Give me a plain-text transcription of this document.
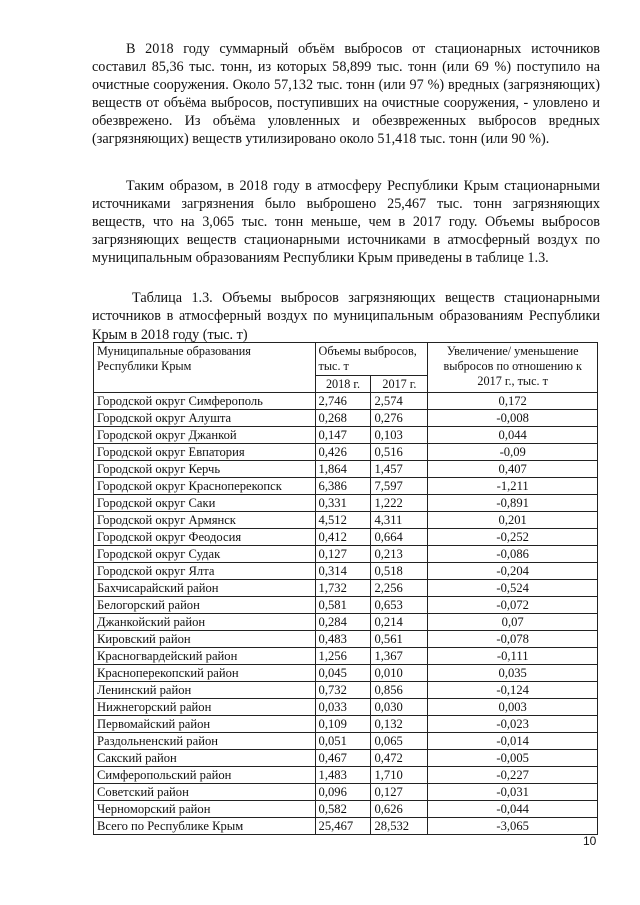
В 2018 году суммарный объём выбросов от стационарных источников составил 85,36 тыс. тонн, из которых 58,899 тыс. тонн (или 69 %) поступило на очистные сооружения. Около 57,132 тыс. тонн (или 97 %) вредных (загрязняющих) веществ от объёма выбросов, поступивших на очистные сооружения, - уловлено и обезврежено. Из объёма уловленных и обезвреженных выбросов вредных (загрязняющих) веществ утилизировано около 51,418 тыс. тонн (или 90 %).

Таким образом, в 2018 году в атмосферу Республики Крым стационарными источниками загрязнения было выброшено 25,467 тыс. тонн загрязняющих веществ, что на 3,065 тыс. тонн меньше, чем в 2017 году. Объемы выбросов загрязняющих веществ стационарными источниками в атмосферный воздух по муниципальным образованиям Республики Крым приведены в таблице 1.3.

Таблица 1.3. Объемы выбросов загрязняющих веществ стационарными источников в атмосферный воздух по муниципальным образованиям Республики Крым в 2018 году (тыс. т)

Муниципальные образования Республики Крым	Объемы выбросов, тыс. т		Увеличение/ уменьшение выбросов по отношению к 2017 г., тыс. т
	2018 г.	2017 г.	
Городской округ Симферополь	2,746	2,574	0,172
Городской округ Алушта	0,268	0,276	-0,008
Городской округ Джанкой	0,147	0,103	0,044
Городской округ Евпатория	0,426	0,516	-0,09
Городской округ Керчь	1,864	1,457	0,407
Городской округ Красноперекопск	6,386	7,597	-1,211
Городской округ Саки	0,331	1,222	-0,891
Городской округ Армянск	4,512	4,311	0,201
Городской округ Феодосия	0,412	0,664	-0,252
Городской округ Судак	0,127	0,213	-0,086
Городской округ Ялта	0,314	0,518	-0,204
Бахчисарайский район	1,732	2,256	-0,524
Белогорский район	0,581	0,653	-0,072
Джанкойский район	0,284	0,214	0,07
Кировский район	0,483	0,561	-0,078
Красногвардейский район	1,256	1,367	-0,111
Красноперекопский район	0,045	0,010	0,035
Ленинский район	0,732	0,856	-0,124
Нижнегорский район	0,033	0,030	0,003
Первомайский район	0,109	0,132	-0,023
Раздольненский район	0,051	0,065	-0,014
Сакский район	0,467	0,472	-0,005
Симферопольский район	1,483	1,710	-0,227
Советский район	0,096	0,127	-0,031
Черноморский район	0,582	0,626	-0,044
Всего по Республике Крым	25,467	28,532	-3,065
10
